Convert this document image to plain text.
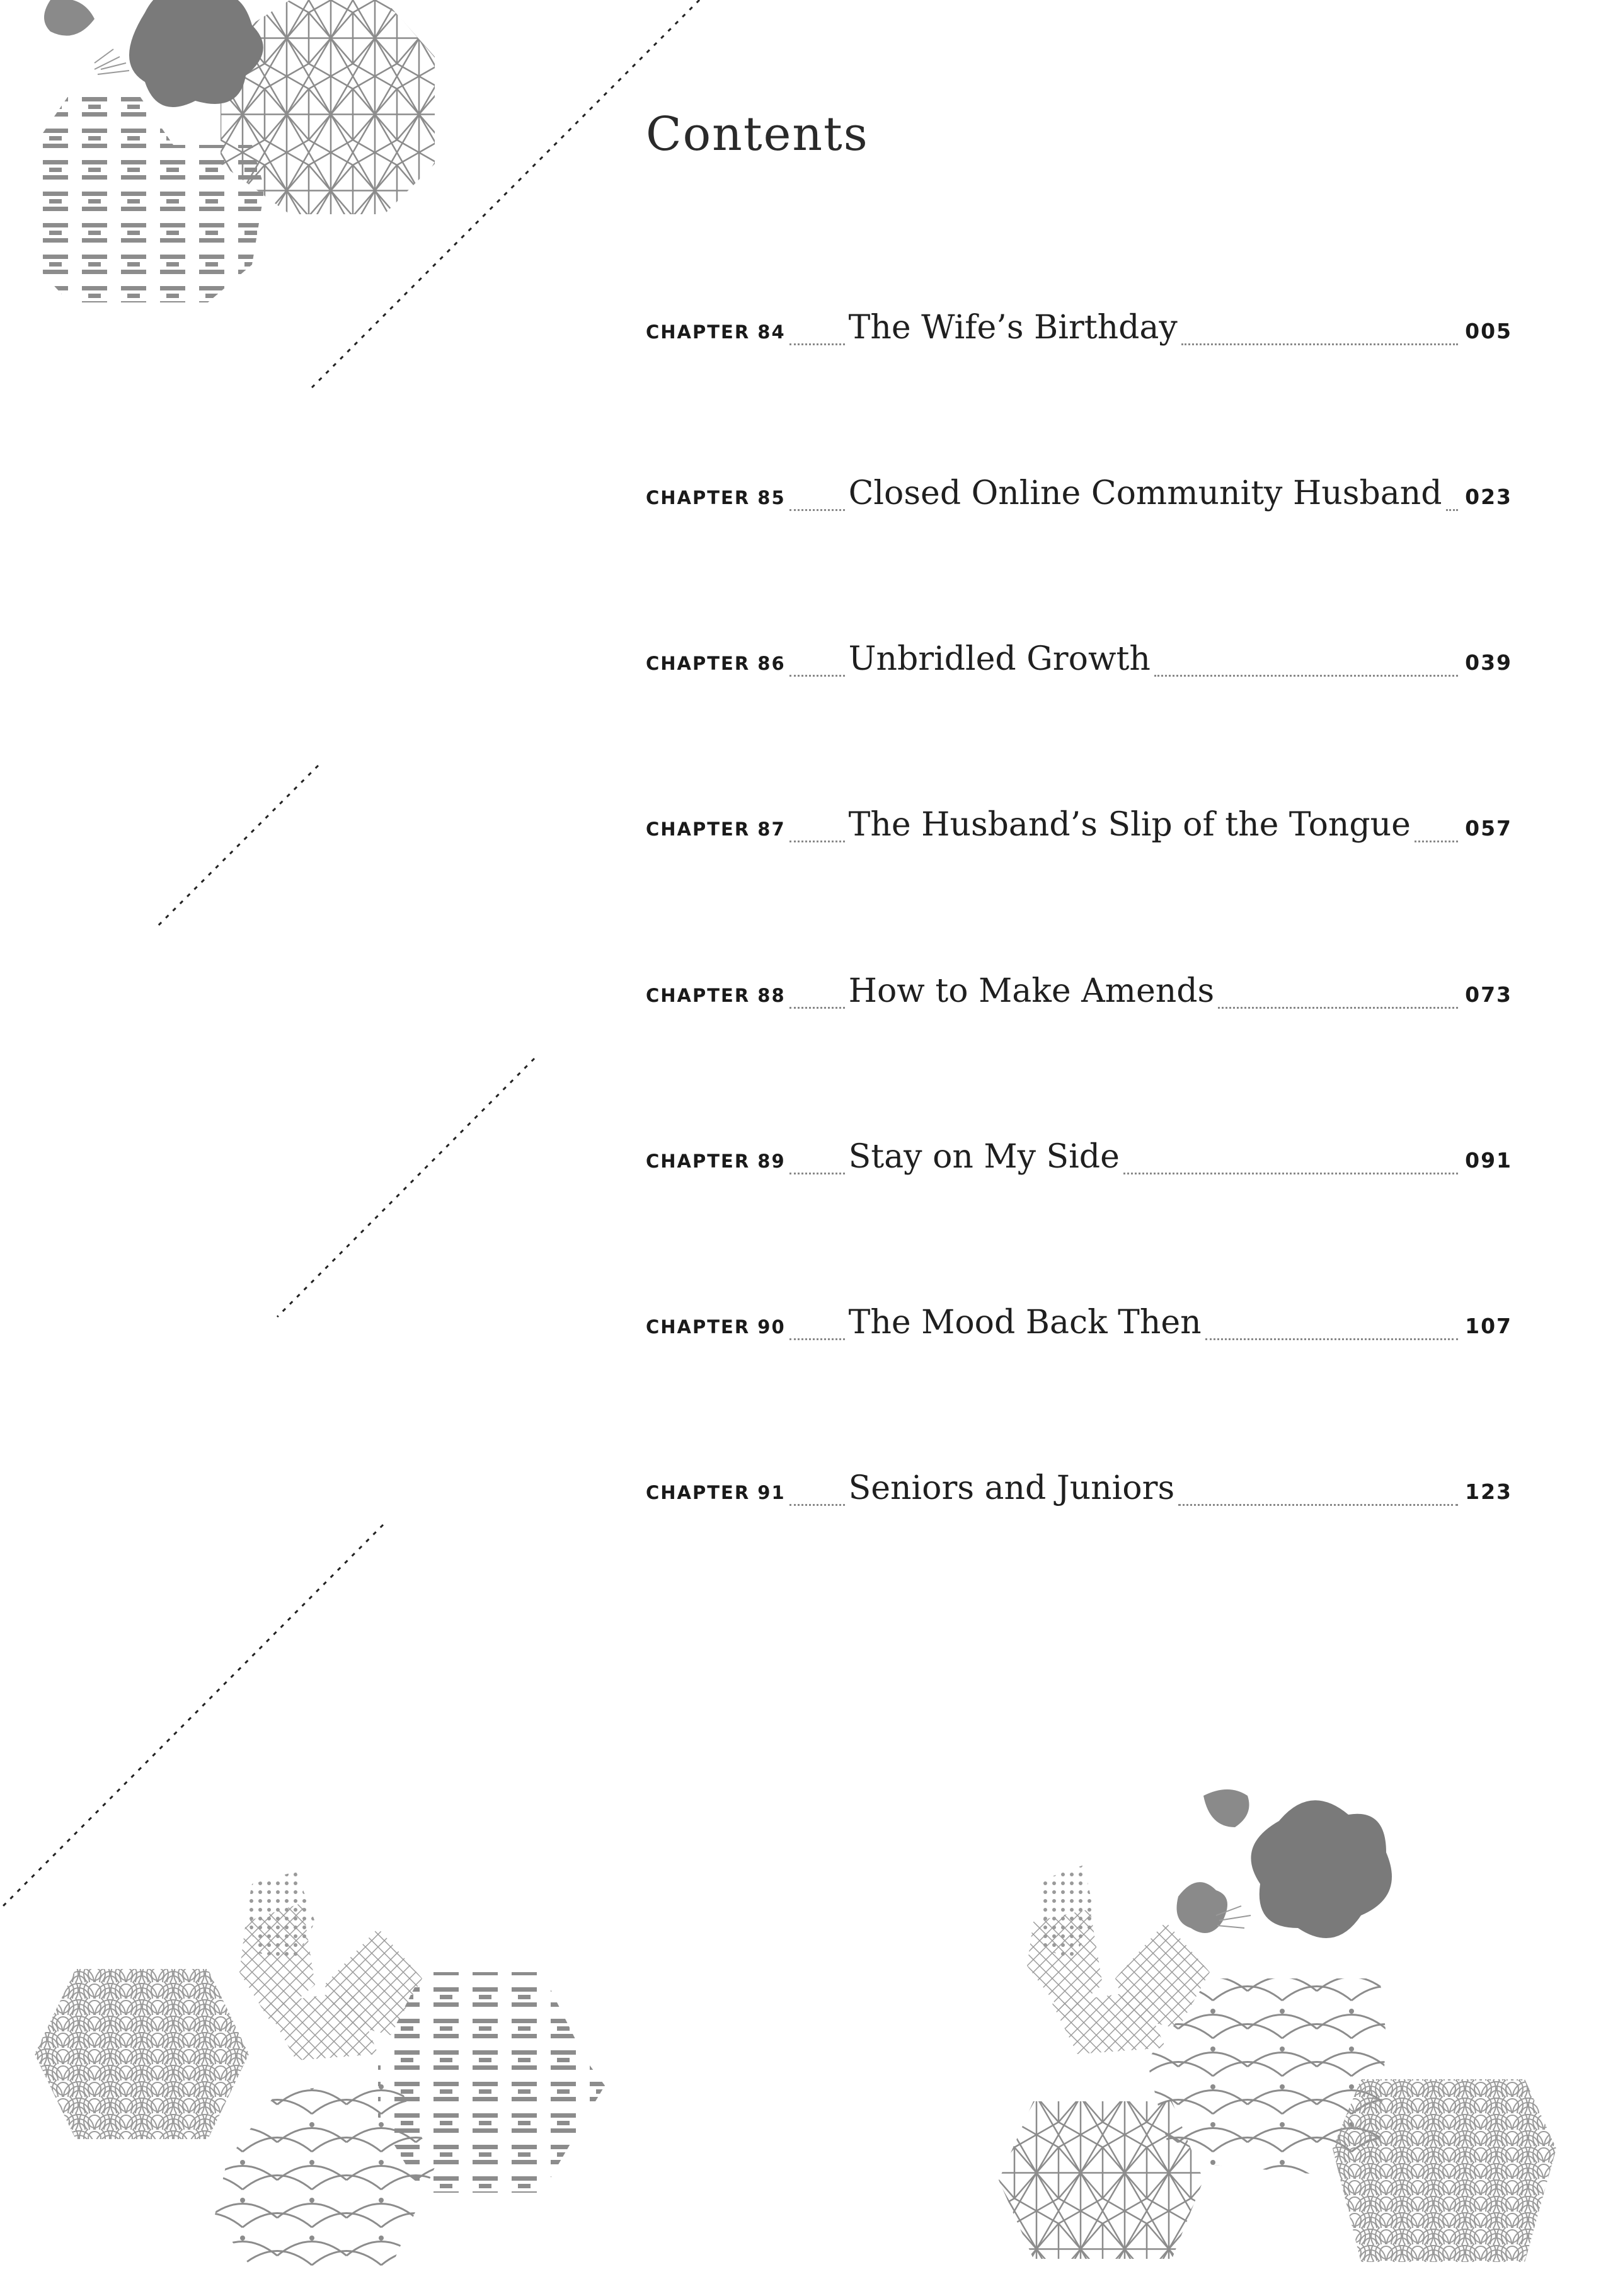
Contents
CHAPTER 84 The Wife’s Birthday	005
CHAPTER 85 Closed Online Community Husband 023
CHAPTER 86 Unbridled Growth	039
CHAPTER 87 The Husband’s Slip of the Tongue	057
CHAPTER 88 How to Make Amends	073
CHAPTER 89 Stay on My Side	091
CHAPTER 90 The Mood Back Then	107
CHAPTER 91 Seniors and Juniors	123
